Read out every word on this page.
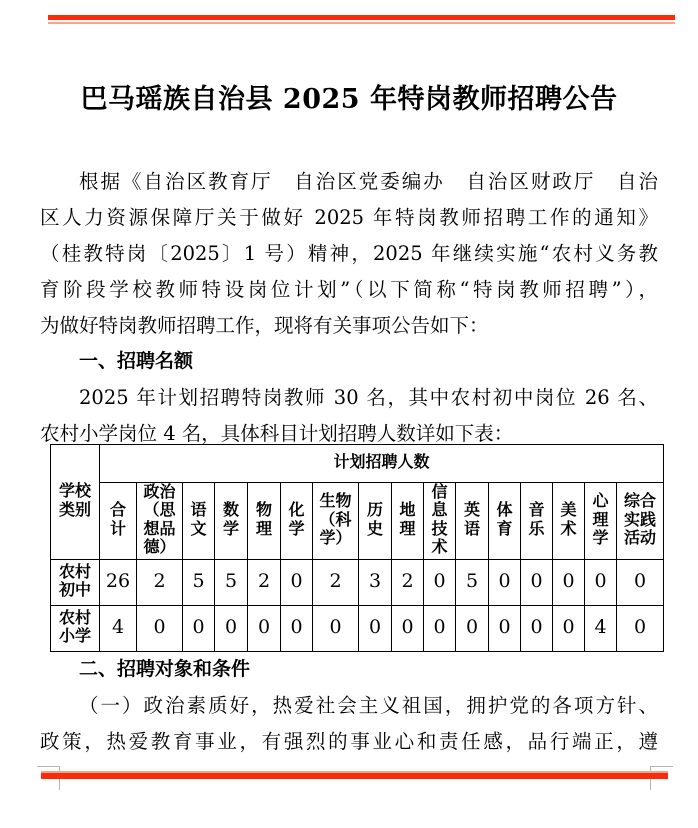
巴马瑶族自治县 2025 年特岗教师招聘公告
根据《自治区教育厅　自治区党委编办　自治区财政厅　自治
区人力资源保障厅关于做好 2025 年特岗教师招聘工作的通知》
（桂教特岗〔2025〕1 号）精神，2025 年继续实施“农村义务教
育阶段学校教师特设岗位计划”（以下简称“特岗教师招聘”），
为做好特岗教师招聘工作，现将有关事项公告如下：
一、招聘名额
2025 年计划招聘特岗教师 30 名，其中农村初中岗位 26 名、
农村小学岗位 4 名，具体科目计划招聘人数详如下表：
学校类别	计划招聘人数															
	合计	政治（思想品德）	语文	数学	物理	化学	生物（科学）	历史	地理	信息技术	英语	体育	音乐	美术	心理学	综合实践活动
农村初中	26	2	5	5	2	0	2	3	2	0	5	0	0	0	0	0
农村小学	4	0	0	0	0	0	0	0	0	0	0	0	0	0	4	0
二、招聘对象和条件
（一）政治素质好，热爱社会主义祖国，拥护党的各项方针、
政策，热爱教育事业，有强烈的事业心和责任感，品行端正，遵
